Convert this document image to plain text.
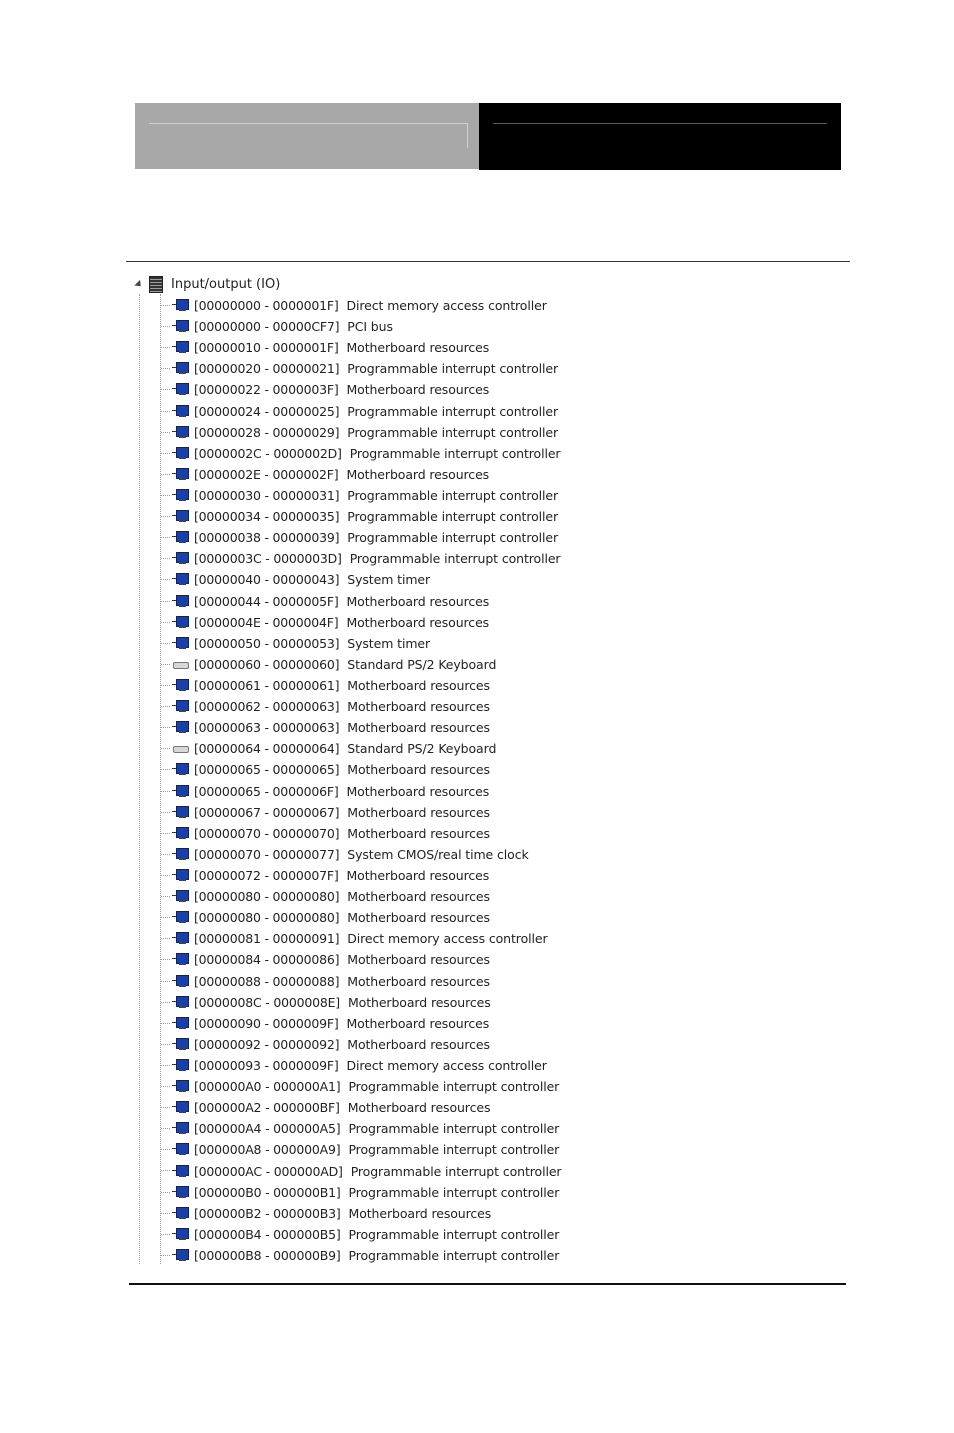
Input/output (IO)
[00000000 - 0000001F] Direct memory access controller
[00000000 - 00000CF7] PCI bus
[00000010 - 0000001F] Motherboard resources
[00000020 - 00000021] Programmable interrupt controller
[00000022 - 0000003F] Motherboard resources
[00000024 - 00000025] Programmable interrupt controller
[00000028 - 00000029] Programmable interrupt controller
[0000002C - 0000002D] Programmable interrupt controller
[0000002E - 0000002F] Motherboard resources
[00000030 - 00000031] Programmable interrupt controller
[00000034 - 00000035] Programmable interrupt controller
[00000038 - 00000039] Programmable interrupt controller
[0000003C - 0000003D] Programmable interrupt controller
[00000040 - 00000043] System timer
[00000044 - 0000005F] Motherboard resources
[0000004E - 0000004F] Motherboard resources
[00000050 - 00000053] System timer
[00000060 - 00000060] Standard PS/2 Keyboard
[00000061 - 00000061] Motherboard resources
[00000062 - 00000063] Motherboard resources
[00000063 - 00000063] Motherboard resources
[00000064 - 00000064] Standard PS/2 Keyboard
[00000065 - 00000065] Motherboard resources
[00000065 - 0000006F] Motherboard resources
[00000067 - 00000067] Motherboard resources
[00000070 - 00000070] Motherboard resources
[00000070 - 00000077] System CMOS/real time clock
[00000072 - 0000007F] Motherboard resources
[00000080 - 00000080] Motherboard resources
[00000080 - 00000080] Motherboard resources
[00000081 - 00000091] Direct memory access controller
[00000084 - 00000086] Motherboard resources
[00000088 - 00000088] Motherboard resources
[0000008C - 0000008E] Motherboard resources
[00000090 - 0000009F] Motherboard resources
[00000092 - 00000092] Motherboard resources
[00000093 - 0000009F] Direct memory access controller
[000000A0 - 000000A1] Programmable interrupt controller
[000000A2 - 000000BF] Motherboard resources
[000000A4 - 000000A5] Programmable interrupt controller
[000000A8 - 000000A9] Programmable interrupt controller
[000000AC - 000000AD] Programmable interrupt controller
[000000B0 - 000000B1] Programmable interrupt controller
[000000B2 - 000000B3] Motherboard resources
[000000B4 - 000000B5] Programmable interrupt controller
[000000B8 - 000000B9] Programmable interrupt controller
